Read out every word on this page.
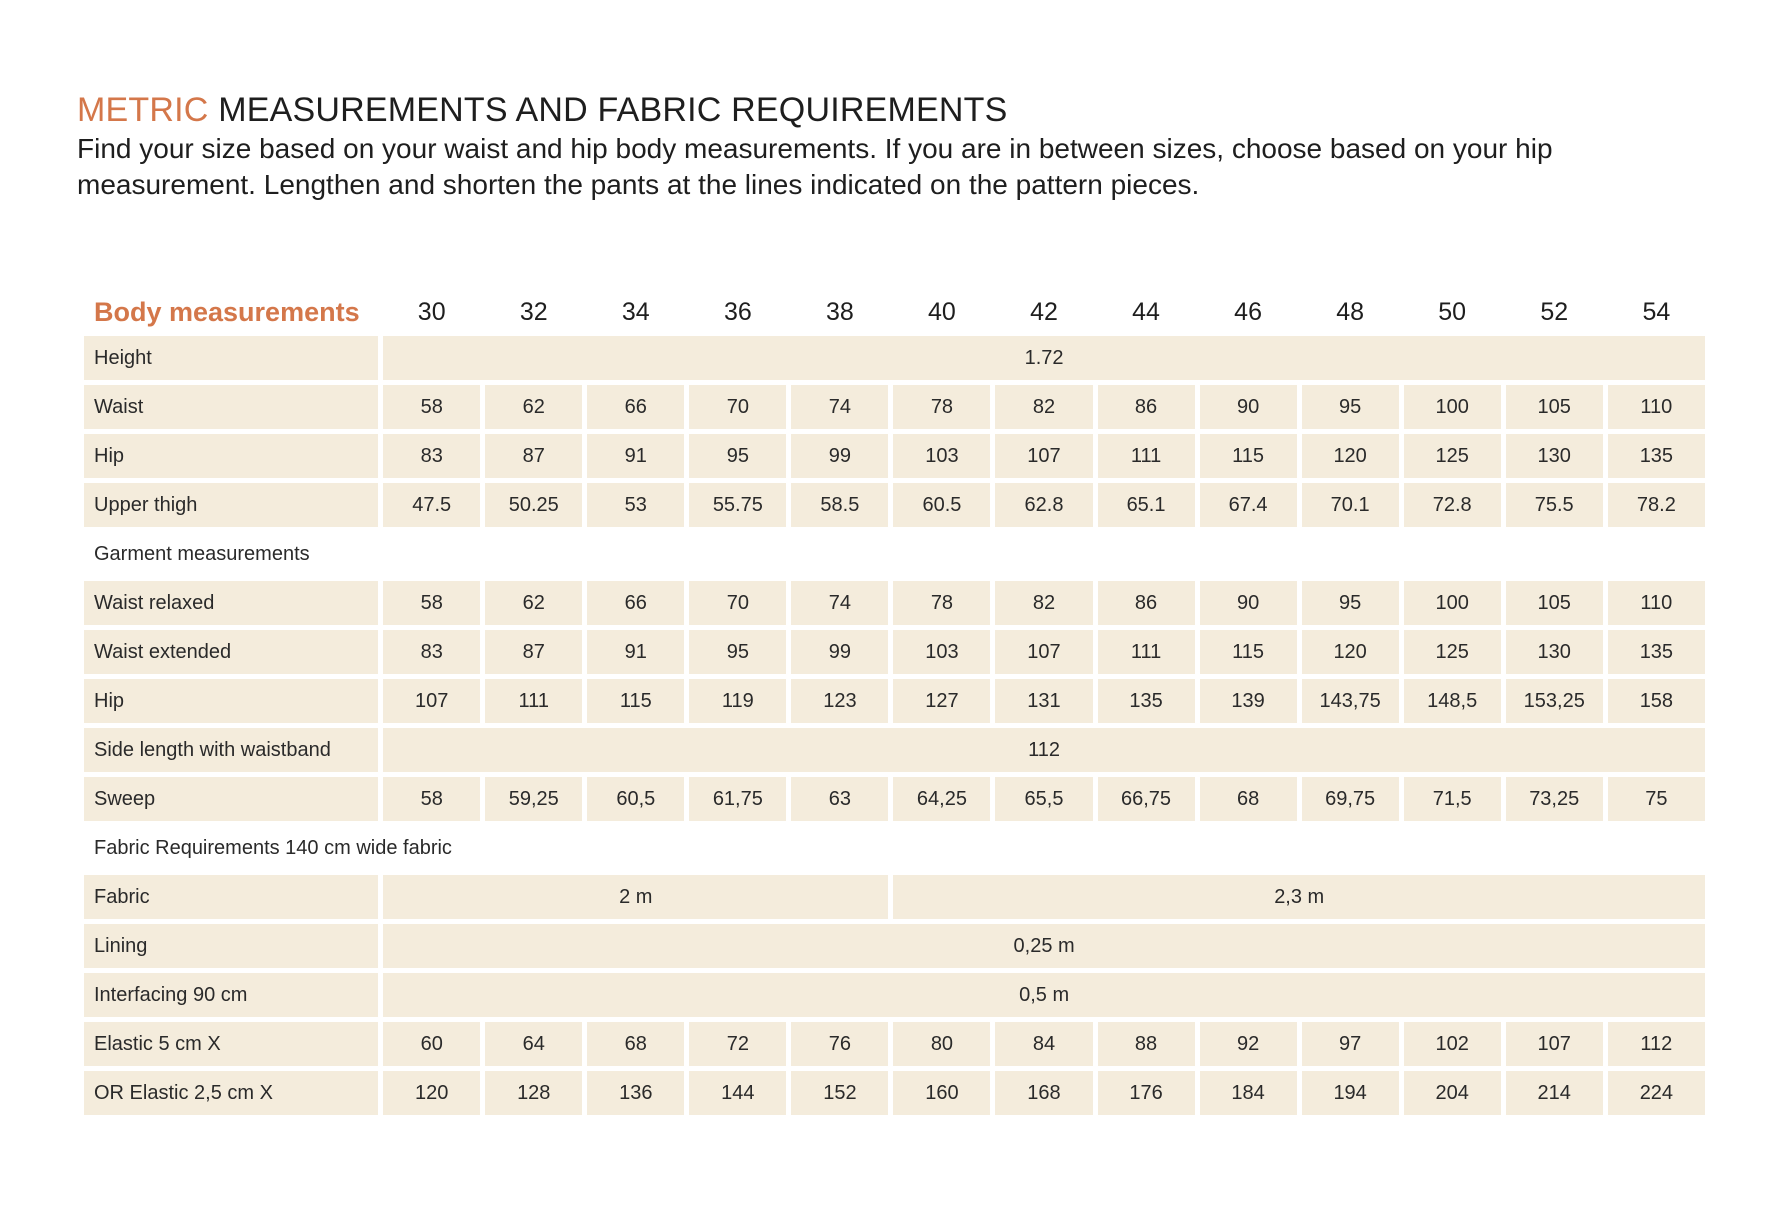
METRIC MEASUREMENTS AND FABRIC REQUIREMENTS

Find your size based on your waist and hip body measurements. If you are in between sizes, choose based on your hip measurement. Lengthen and shorten the pants at the lines indicated on the pattern pieces.

Body measurements	30	32	34	36	38	40	42	44	46	48	50	52	54
Height	1.72												
Waist	58	62	66	70	74	78	82	86	90	95	100	105	110
Hip	83	87	91	95	99	103	107	111	115	120	125	130	135
Upper thigh	47.5	50.25	53	55.75	58.5	60.5	62.8	65.1	67.4	70.1	72.8	75.5	78.2
Garment measurements													
Waist relaxed	58	62	66	70	74	78	82	86	90	95	100	105	110
Waist extended	83	87	91	95	99	103	107	111	115	120	125	130	135
Hip	107	111	115	119	123	127	131	135	139	143,75	148,5	153,25	158
Side length with waistband	112												
Sweep	58	59,25	60,5	61,75	63	64,25	65,5	66,75	68	69,75	71,5	73,25	75
Fabric Requirements 140 cm wide fabric													
Fabric	2 m					2,3 m							
Lining	0,25 m												
Interfacing 90 cm	0,5 m												
Elastic 5 cm X	60	64	68	72	76	80	84	88	92	97	102	107	112
OR Elastic 2,5 cm X	120	128	136	144	152	160	168	176	184	194	204	214	224
